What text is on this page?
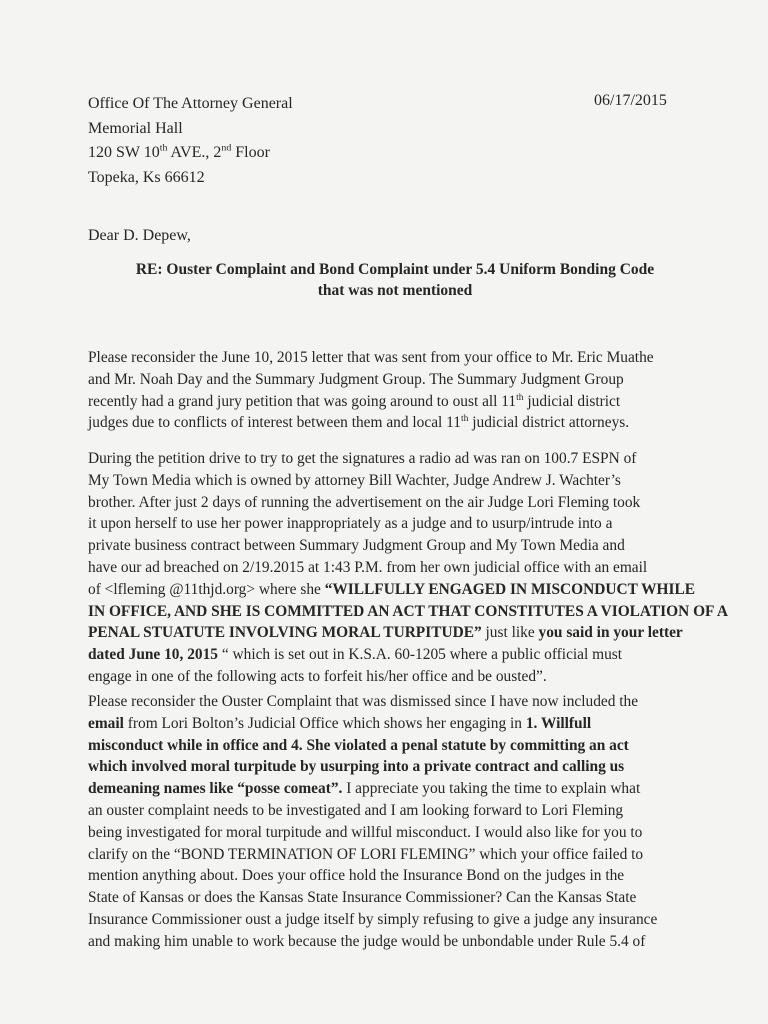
Office Of The Attorney General
Memorial Hall
120 SW 10th AVE., 2nd Floor
Topeka, Ks 66612
06/17/2015
Dear D. Depew,
RE: Ouster Complaint and Bond Complaint under 5.4 Uniform Bonding Code
that was not mentioned
Please reconsider the June 10, 2015 letter that was sent from your office to Mr. Eric Muathe
and Mr. Noah Day and the Summary Judgment Group. The Summary Judgment Group
recently had a grand jury petition that was going around to oust all 11th judicial district
judges due to conflicts of interest between them and local 11th judicial district attorneys.
During the petition drive to try to get the signatures a radio ad was ran on 100.7 ESPN of
My Town Media which is owned by attorney Bill Wachter, Judge Andrew J. Wachter’s
brother. After just 2 days of running the advertisement on the air Judge Lori Fleming took
it upon herself to use her power inappropriately as a judge and to usurp/intrude into a
private business contract between Summary Judgment Group and My Town Media and
have our ad breached on 2/19.2015 at 1:43 P.M. from her own judicial office with an email
of <lfleming @11thjd.org> where she “WILLFULLY ENGAGED IN MISCONDUCT WHILE
IN OFFICE, AND SHE IS COMMITTED AN ACT THAT CONSTITUTES A VIOLATION OF A
PENAL STUATUTE INVOLVING MORAL TURPITUDE” just like you said in your letter
dated June 10, 2015 “ which is set out in K.S.A. 60-1205 where a public official must
engage in one of the following acts to forfeit his/her office and be ousted”.
Please reconsider the Ouster Complaint that was dismissed since I have now included the
email from Lori Bolton’s Judicial Office which shows her engaging in 1. Willfull
misconduct while in office and 4. She violated a penal statute by committing an act
which involved moral turpitude by usurping into a private contract and calling us
demeaning names like “posse comeat”. I appreciate you taking the time to explain what
an ouster complaint needs to be investigated and I am looking forward to Lori Fleming
being investigated for moral turpitude and willful misconduct. I would also like for you to
clarify on the “BOND TERMINATION OF LORI FLEMING” which your office failed to
mention anything about. Does your office hold the Insurance Bond on the judges in the
State of Kansas or does the Kansas State Insurance Commissioner? Can the Kansas State
Insurance Commissioner oust a judge itself by simply refusing to give a judge any insurance
and making him unable to work because the judge would be unbondable under Rule 5.4 of
